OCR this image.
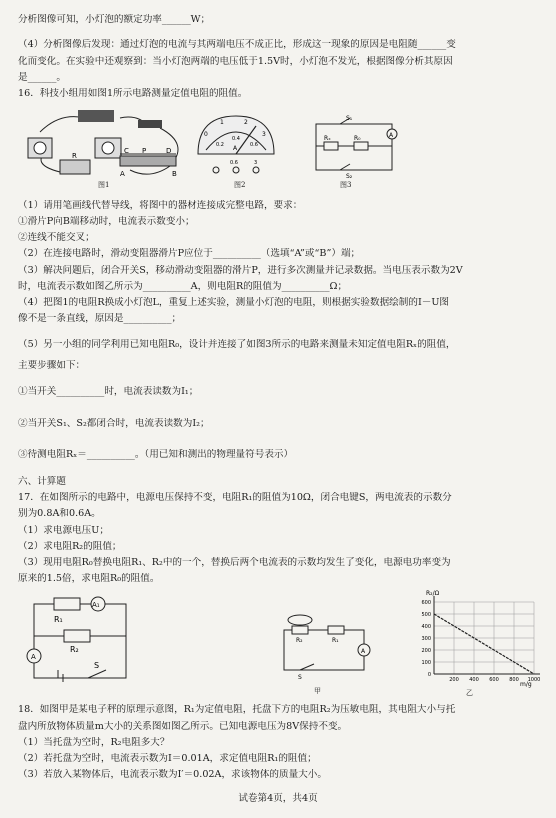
分析图像可知，小灯泡的额定功率______W；
（4）分析图像后发现：通过灯泡的电流与其两端电压不成正比，形成这一现象的原因是电阻随______变
化而变化。在实验中还观察到：当小灯泡两端的电压低于1.5V时，小灯泡不发光，根据图像分析其原因
是______。
16．科技小组用如图1所示电路测量定值电阻的阻值。
C P	D
A	B
R
图1
0
1	2
3
0.2
0.4
0.6
A
0.6	3
图2
S₁
A
Rₓ	R₀
S₂
图3
（1）请用笔画线代替导线，将图中的器材连接成完整电路，要求：
①滑片P向B端移动时，电流表示数变小；
②连线不能交叉；
（2）在连接电路时，滑动变阻器滑片P应位于__________（选填“A”或“B”）端；
（3）解决问题后，闭合开关S，移动滑动变阻器的滑片P，进行多次测量并记录数据。当电压表示数为2V
时，电流表示数如图乙所示为__________A，则电阻R的阻值为__________Ω；
（4）把图1的电阻R换成小灯泡L，重复上述实验，测量小灯泡的电阻，则根据实验数据绘制的I－U图
像不是一条直线，原因是__________；
（5）另一小组的同学利用已知电阻R₀，设计并连接了如图3所示的电路来测量未知定值电阻Rₓ的阻值，
主要步骤如下：
①当开关__________时，电流表读数为I₁；
②当开关S₁、S₂都闭合时，电流表读数为I₂；
③待测电阻Rₓ＝__________。（用已知和测出的物理量符号表示）
六、计算题
17．在如图所示的电路中，电源电压保持不变，电阻R₁的阻值为10Ω，闭合电键S，两电流表的示数分
别为0.8A和0.6A。
（1）求电源电压U；
（2）求电阻R₂的阻值；
（3）现用电阻R₀替换电阻R₁、R₂中的一个，替换后两个电流表的示数均发生了变化，电源电功率变为
原来的1.5倍，求电阻R₀的阻值。
R₁
A₁
R₂
A
S
R₂	R₁
A
S
甲
R₂/Ω
m/g
0
100
200
300
400
500
600
200 400 600 800 1000
乙
18．如图甲是某电子秤的原理示意图，R₁为定值电阻，托盘下方的电阻R₂为压敏电阻，其电阻大小与托
盘内所放物体质量m大小的关系图如图乙所示。已知电源电压为8V保持不变。
（1）当托盘为空时，R₂电阻多大？
（2）若托盘为空时，电流表示数为I＝0.01A，求定值电阻R₁的阻值；
（3）若放入某物体后，电流表示数为I′＝0.02A，求该物体的质量大小。
试卷第4页，共4页
